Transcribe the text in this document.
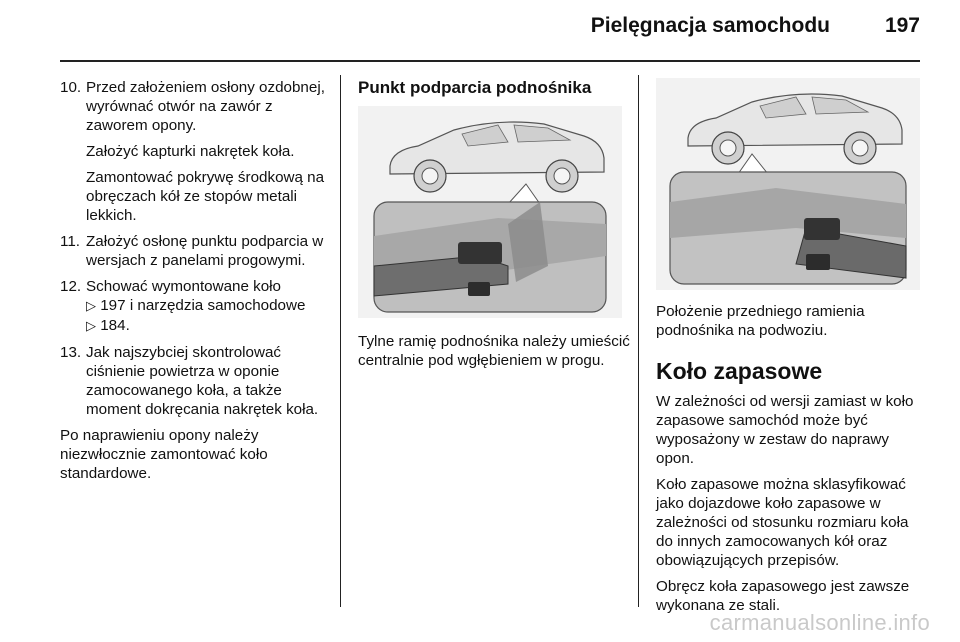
Pielęgnacja samochodu	197
10. Przed założeniem osłony ozdobnej, wyrównać otwór na zawór z zaworem opony.

Założyć kapturki nakrętek koła.

Zamontować pokrywę środkową na obręczach kół ze stopów metali lekkich.

11. Założyć osłonę punktu podparcia w wersjach z panelami progowymi.

12. Schować wymontowane koło
▷ 197 i narzędzia samochodowe
▷ 184.

13. Jak najszybciej skontrolować ciśnienie powietrza w oponie zamocowanego koła, a także moment dokręcania nakrętek koła.

Po naprawieniu opony należy niezwłocznie zamontować koło standardowe.

Punkt podparcia podnośnika

Tylne ramię podnośnika należy umieścić centralnie pod wgłębieniem w progu.

Położenie przedniego ramienia podnośnika na podwoziu.

Koło zapasowe

W zależności od wersji zamiast w koło zapasowe samochód może być wyposażony w zestaw do naprawy opon.

Koło zapasowe można sklasyfikować jako dojazdowe koło zapasowe w zależności od stosunku rozmiaru koła do innych zamocowanych kół oraz obowiązujących przepisów.

Obręcz koła zapasowego jest zawsze wykonana ze stali.

carmanualsonline.info
